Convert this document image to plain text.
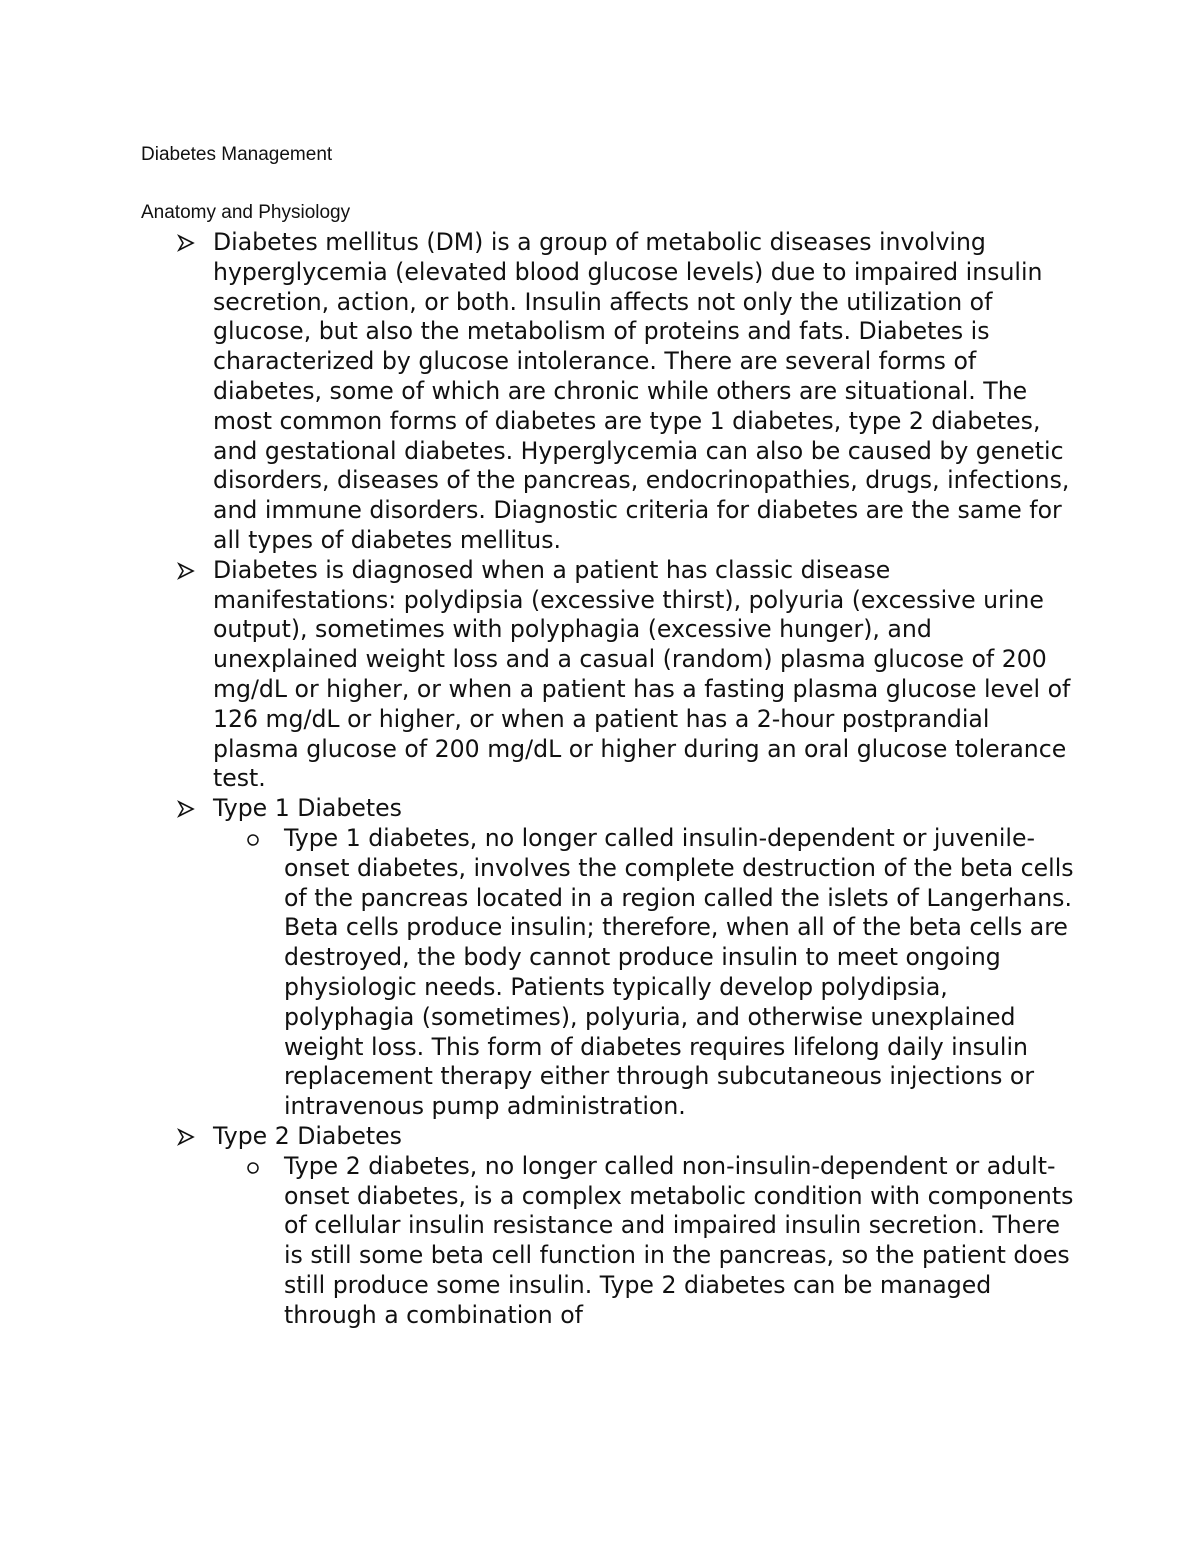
Diabetes Management
Anatomy and Physiology
Diabetes mellitus (DM) is a group of metabolic diseases involving hyperglycemia (elevated blood glucose levels) due to impaired insulin secretion, action, or both. Insulin affects not only the utilization of glucose, but also the metabolism of proteins and fats. Diabetes is characterized by glucose intolerance. There are several forms of diabetes, some of which are chronic while others are situational. The most common forms of diabetes are type 1 diabetes, type 2 diabetes, and gestational diabetes. Hyperglycemia can also be caused by genetic disorders, diseases of the pancreas, endocrinopathies, drugs, infections, and immune disorders. Diagnostic criteria for diabetes are the same for all types of diabetes mellitus.
Diabetes is diagnosed when a patient has classic disease manifestations: polydipsia (excessive thirst), polyuria (excessive urine output), sometimes with polyphagia (excessive hunger), and unexplained weight loss and a casual (random) plasma glucose of 200 mg/dL or higher, or when a patient has a fasting plasma glucose level of 126 mg/dL or higher, or when a patient has a 2-hour postprandial plasma glucose of 200 mg/dL or higher during an oral glucose tolerance test.
Type 1 Diabetes
Type 1 diabetes, no longer called insulin-dependent or juvenile-onset diabetes, involves the complete destruction of the beta cells of the pancreas located in a region called the islets of Langerhans. Beta cells produce insulin; therefore, when all of the beta cells are destroyed, the body cannot produce insulin to meet ongoing physiologic needs. Patients typically develop polydipsia, polyphagia (sometimes), polyuria, and otherwise unexplained weight loss. This form of diabetes requires lifelong daily insulin replacement therapy either through subcutaneous injections or intravenous pump administration.
Type 2 Diabetes
Type 2 diabetes, no longer called non-insulin-dependent or adult-onset diabetes, is a complex metabolic condition with components of cellular insulin resistance and impaired insulin secretion. There is still some beta cell function in the pancreas, so the patient does still produce some insulin. Type 2 diabetes can be managed through a combination of
